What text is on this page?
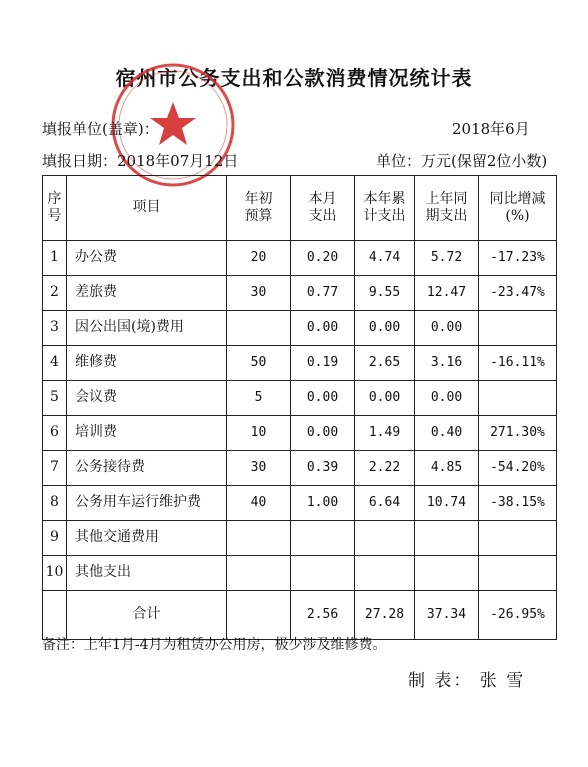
宿州市公务支出和公款消费情况统计表
填报单位(盖章)：	2018年6月
填报日期：2018年07月12日	单位：万元(保留2位小数)
序号	项目	年初预算	本月支出	本年累计支出	上年同期支出	同比增减(%)
1	办公费	20	0.20	4.74	5.72	-17.23%
2	差旅费	30	0.77	9.55	12.47	-23.47%
3	因公出国(境)费用		0.00	0.00	0.00	
4	维修费	50	0.19	2.65	3.16	-16.11%
5	会议费	5	0.00	0.00	0.00	
6	培训费	10	0.00	1.49	0.40	271.30%
7	公务接待费	30	0.39	2.22	4.85	-54.20%
8	公务用车运行维护费	40	1.00	6.64	10.74	-38.15%
9	其他交通费用					
10	其他支出					
	合计		2.56	27.28	37.34	-26.95%
备注：上年1月-4月为租赁办公用房，极少涉及维修费。
制 表： 张 雪
